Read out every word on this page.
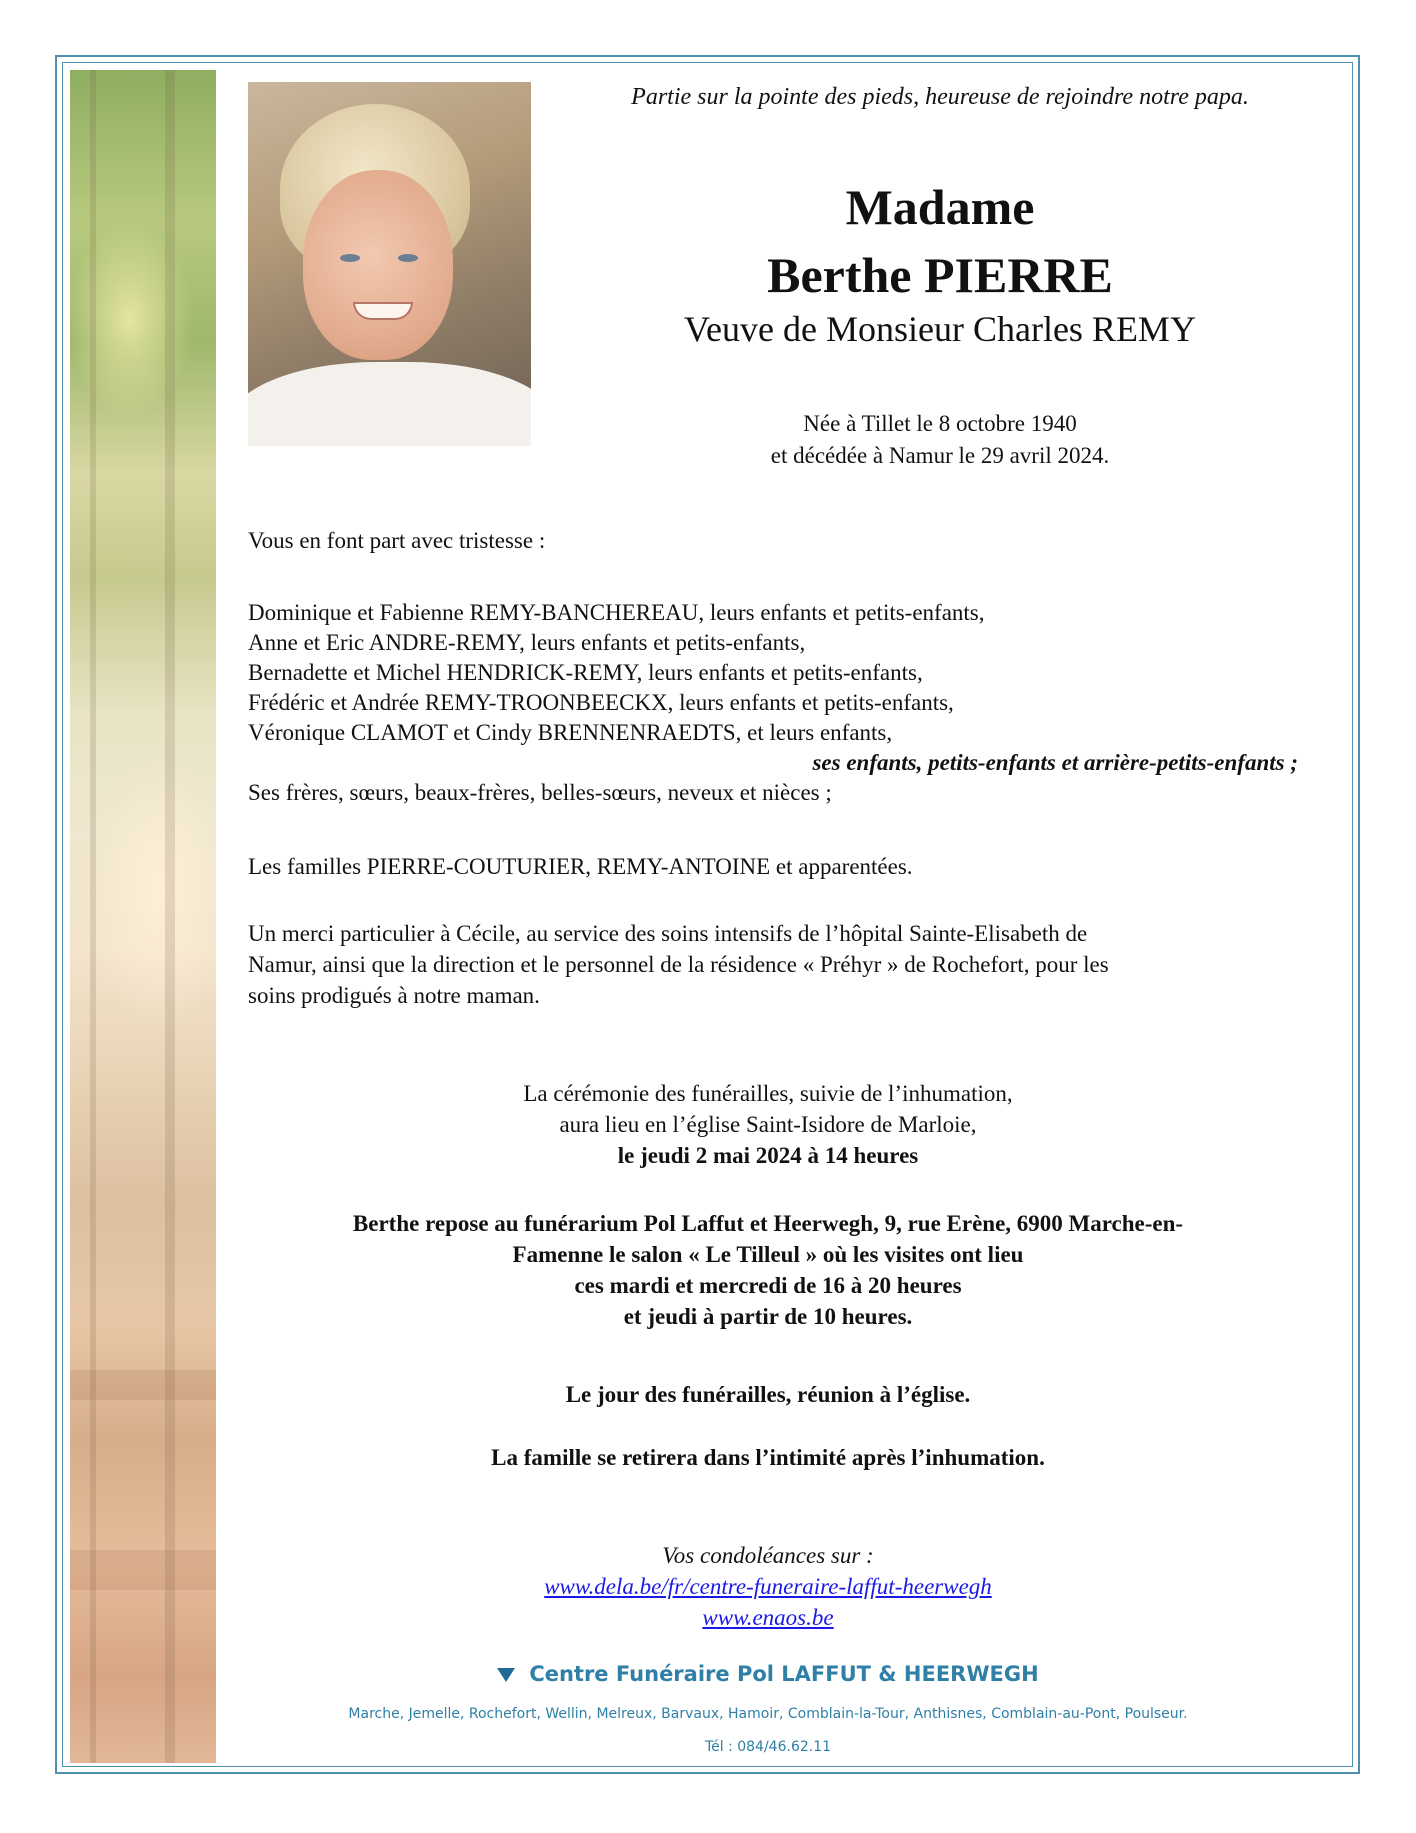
Partie sur la pointe des pieds, heureuse de rejoindre notre papa.
Madame
Berthe PIERRE
Veuve de Monsieur Charles REMY
Née à Tillet le 8 octobre 1940
et décédée à Namur le 29 avril 2024.
Vous en font part avec tristesse :
Dominique et Fabienne REMY-BANCHEREAU, leurs enfants et petits-enfants,
Anne et Eric ANDRE-REMY, leurs enfants et petits-enfants,
Bernadette et Michel HENDRICK-REMY, leurs enfants et petits-enfants,
Frédéric et Andrée REMY-TROONBEECKX, leurs enfants et petits-enfants,
Véronique CLAMOT et Cindy BRENNENRAEDTS, et leurs enfants,
ses enfants, petits-enfants et arrière-petits-enfants ;
Ses frères, sœurs, beaux-frères, belles-sœurs, neveux et nièces ;
Les familles PIERRE-COUTURIER, REMY-ANTOINE et apparentées.
Un merci particulier à Cécile, au service des soins intensifs de l’hôpital Sainte-Elisabeth de
Namur, ainsi que la direction et le personnel de la résidence « Préhyr » de Rochefort, pour les
soins prodigués à notre maman.
La cérémonie des funérailles, suivie de l’inhumation,
aura lieu en l’église Saint-Isidore de Marloie,
le jeudi 2 mai 2024 à 14 heures
Berthe repose au funérarium Pol Laffut et Heerwegh, 9, rue Erène, 6900 Marche-en-
Famenne le salon « Le Tilleul » où les visites ont lieu
ces mardi et mercredi de 16 à 20 heures
et jeudi à partir de 10 heures.
Le jour des funérailles, réunion à l’église.
La famille se retirera dans l’intimité après l’inhumation.
Vos condoléances sur :
www.dela.be/fr/centre-funeraire-laffut-heerwegh
www.enaos.be
Centre Funéraire Pol LAFFUT & HEERWEGH
Marche, Jemelle, Rochefort, Wellin, Melreux, Barvaux, Hamoir, Comblain-la-Tour, Anthisnes, Comblain-au-Pont, Poulseur.
Tél : 084/46.62.11
